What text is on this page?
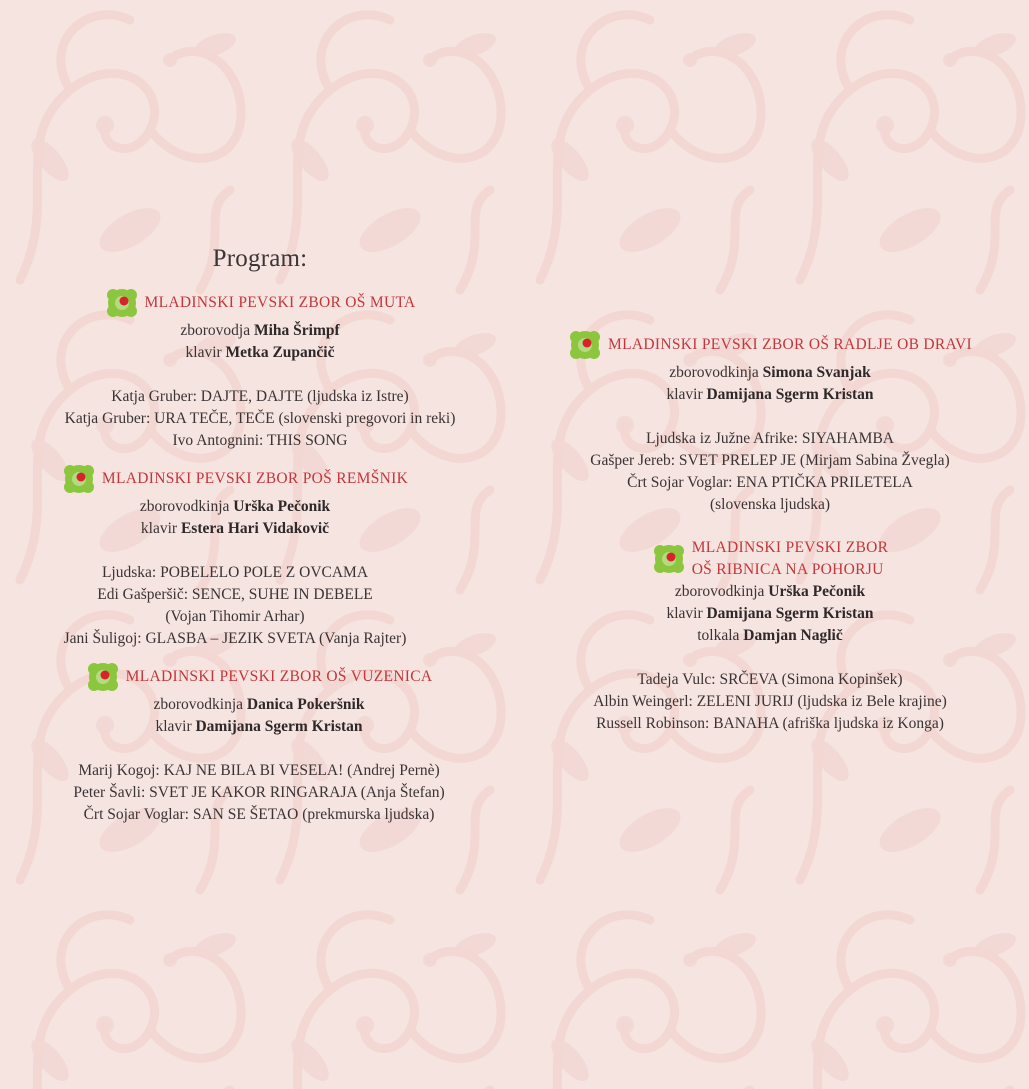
Program:
MLADINSKI PEVSKI ZBOR OŠ MUTA
zborovodja Miha Šrimpf
klavir Metka Zupančič
Katja Gruber: DAJTE, DAJTE (ljudska iz Istre)
Katja Gruber: URA TEČE, TEČE (slovenski pregovori in reki)
Ivo Antognini: THIS SONG
MLADINSKI PEVSKI ZBOR POŠ REMŠNIK
zborovodkinja Urška Pečonik
klavir Estera Hari Vidakovič
Ljudska: POBELELO POLE Z OVCAMA
Edi Gašperšič: SENCE, SUHE IN DEBELE
(Vojan Tihomir Arhar)
Jani Šuligoj: GLASBA – JEZIK SVETA (Vanja Rajter)
MLADINSKI PEVSKI ZBOR OŠ VUZENICA
zborovodkinja Danica Pokeršnik
klavir Damijana Sgerm Kristan
Marij Kogoj: KAJ NE BILA BI VESELA! (Andrej Pernè)
Peter Šavli: SVET JE KAKOR RINGARAJA (Anja Štefan)
Črt Sojar Voglar: SAN SE ŠETAO (prekmurska ljudska)
MLADINSKI PEVSKI ZBOR OŠ RADLJE OB DRAVI
zborovodkinja Simona Svanjak
klavir Damijana Sgerm Kristan
Ljudska iz Južne Afrike: SIYAHAMBA
Gašper Jereb: SVET PRELEP JE (Mirjam Sabina Žvegla)
Črt Sojar Voglar: ENA PTIČKA PRILETELA
(slovenska ljudska)
MLADINSKI PEVSKI ZBOR
OŠ RIBNICA NA POHORJU
zborovodkinja Urška Pečonik
klavir Damijana Sgerm Kristan
tolkala Damjan Naglič
Tadeja Vulc: SRČEVA (Simona Kopinšek)
Albin Weingerl: ZELENI JURIJ (ljudska iz Bele krajine)
Russell Robinson: BANAHA (afriška ljudska iz Konga)
